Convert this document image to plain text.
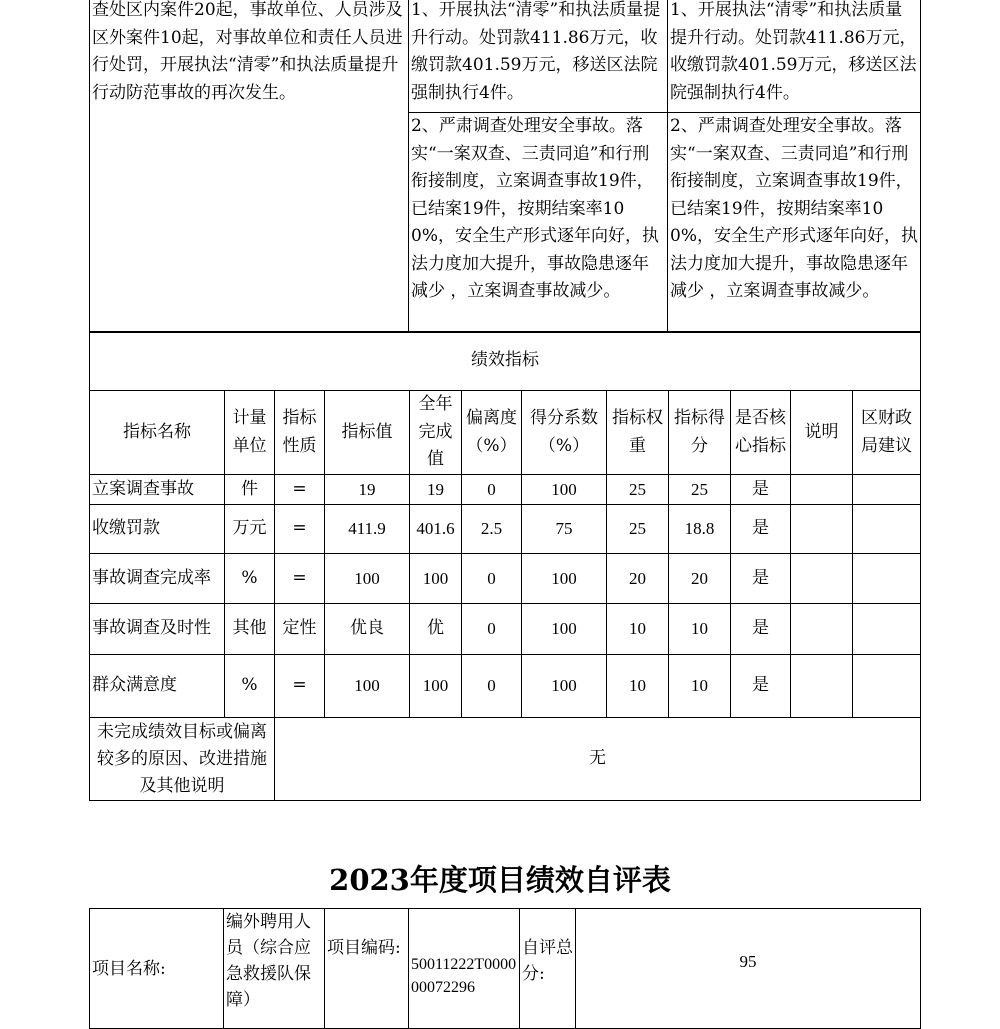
查处区内案件20起，事故单位、人员涉及区外案件10起，对事故单位和责任人员进行处罚，开展执法“清零”和执法质量提升行动防范事故的再次发生。	1、开展执法“清零”和执法质量提升行动。处罚款411.86万元，收缴罚款401.59万元，移送区法院强制执行4件。	1、开展执法“清零”和执法质量提升行动。处罚款411.86万元，收缴罚款401.59万元，移送区法院强制执行4件。
	2、严肃调查处理安全事故。落实“一案双查、三责同追”和行刑衔接制度，立案调查事故19件，已结案19件，按期结案率100%，安全生产形式逐年向好，执法力度加大提升，事故隐患逐年减少 ，立案调查事故减少。	2、严肃调查处理安全事故。落实“一案双查、三责同追”和行刑衔接制度，立案调查事故19件，已结案19件，按期结案率100%，安全生产形式逐年向好，执法力度加大提升，事故隐患逐年减少 ，立案调查事故减少。
绩效指标											
指标名称	计量单位	指标性质	指标值	全年完成值	偏离度（%）	得分系数（%）	指标权重	指标得分	是否核心指标	说明	区财政局建议
立案调查事故	件	=	19	19	0	100	25	25	是		
收缴罚款	万元	=	411.9	401.6	2.5	75	25	18.8	是		
事故调查完成率	%	=	100	100	0	100	20	20	是		
事故调查及时性	其他	定性	优良	优	0	100	10	10	是		
群众满意度	%	=	100	100	0	100	10	10	是		
未完成绩效目标或偏离较多的原因、改进措施及其他说明		无									
2023年度项目绩效自评表
项目名称:	编外聘用人员（综合应急救援队保障）	项目编码:	50011222T000000072296	自评总分:	95
